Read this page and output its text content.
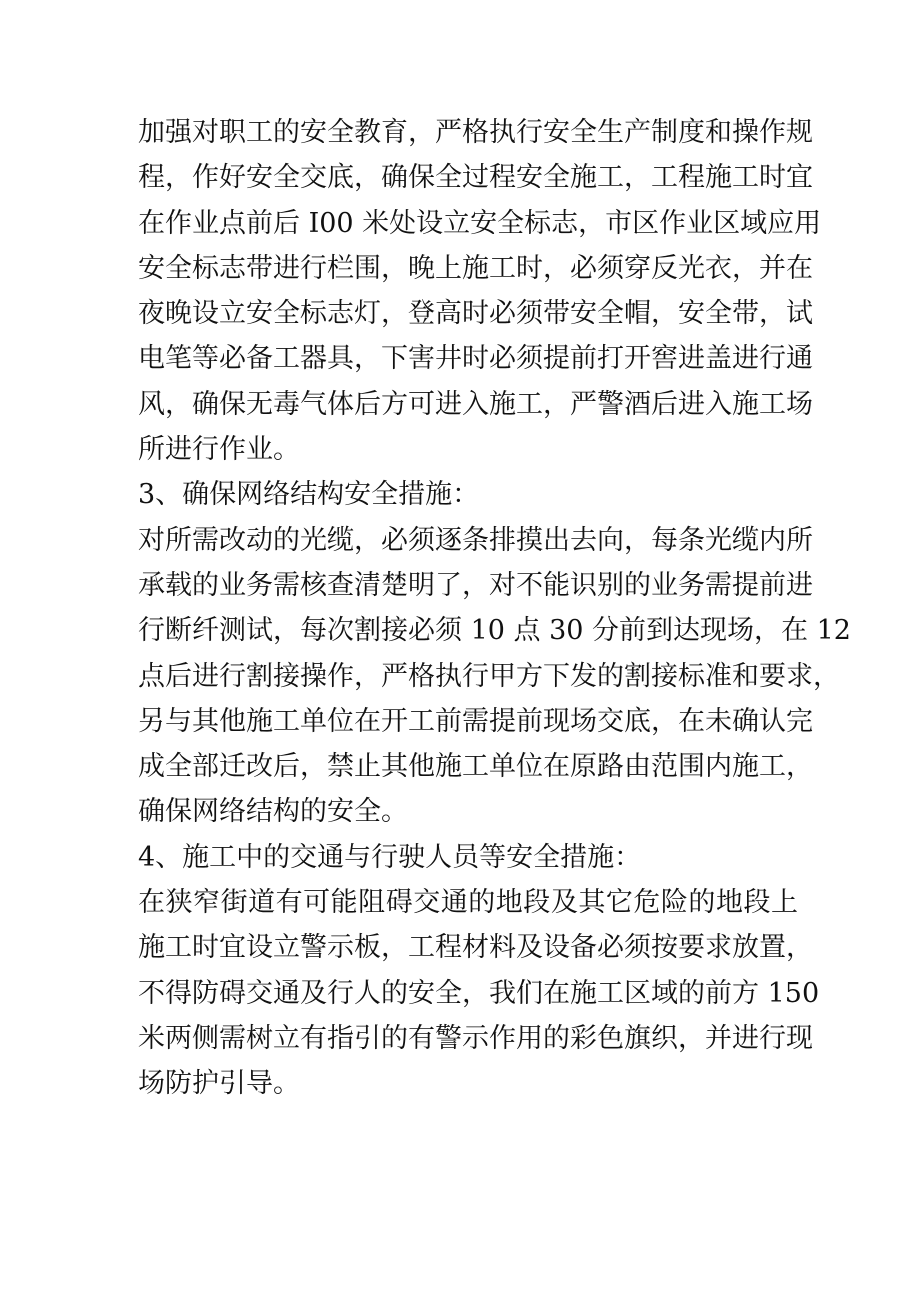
加强对职工的安全教育，严格执行安全生产制度和操作规
程，作好安全交底，确保全过程安全施工，工程施工时宜
在作业点前后 I00 米处设立安全标志，市区作业区域应用
安全标志带进行栏围，晚上施工时，必须穿反光衣，并在
夜晚设立安全标志灯，登高时必须带安全帽，安全带，试
电笔等必备工器具，下害井时必须提前打开窖进盖进行通
风，确保无毒气体后方可进入施工，严警酒后进入施工场
所进行作业。
3、确保网络结构安全措施：
对所需改动的光缆，必须逐条排摸出去向，每条光缆内所
承载的业务需核查清楚明了，对不能识别的业务需提前进
行断纤测试，每次割接必须 10 点 30 分前到达现场，在 12
点后进行割接操作，严格执行甲方下发的割接标准和要求，
另与其他施工单位在开工前需提前现场交底，在未确认完
成全部迁改后，禁止其他施工单位在原路由范围内施工，
确保网络结构的安全。
4、施工中的交通与行驶人员等安全措施：
在狭窄街道有可能阻碍交通的地段及其它危险的地段上
施工时宜设立警示板，工程材料及设备必须按要求放置，
不得防碍交通及行人的安全，我们在施工区域的前方 150
米两侧需树立有指引的有警示作用的彩色旗织，并进行现
场防护引导。
